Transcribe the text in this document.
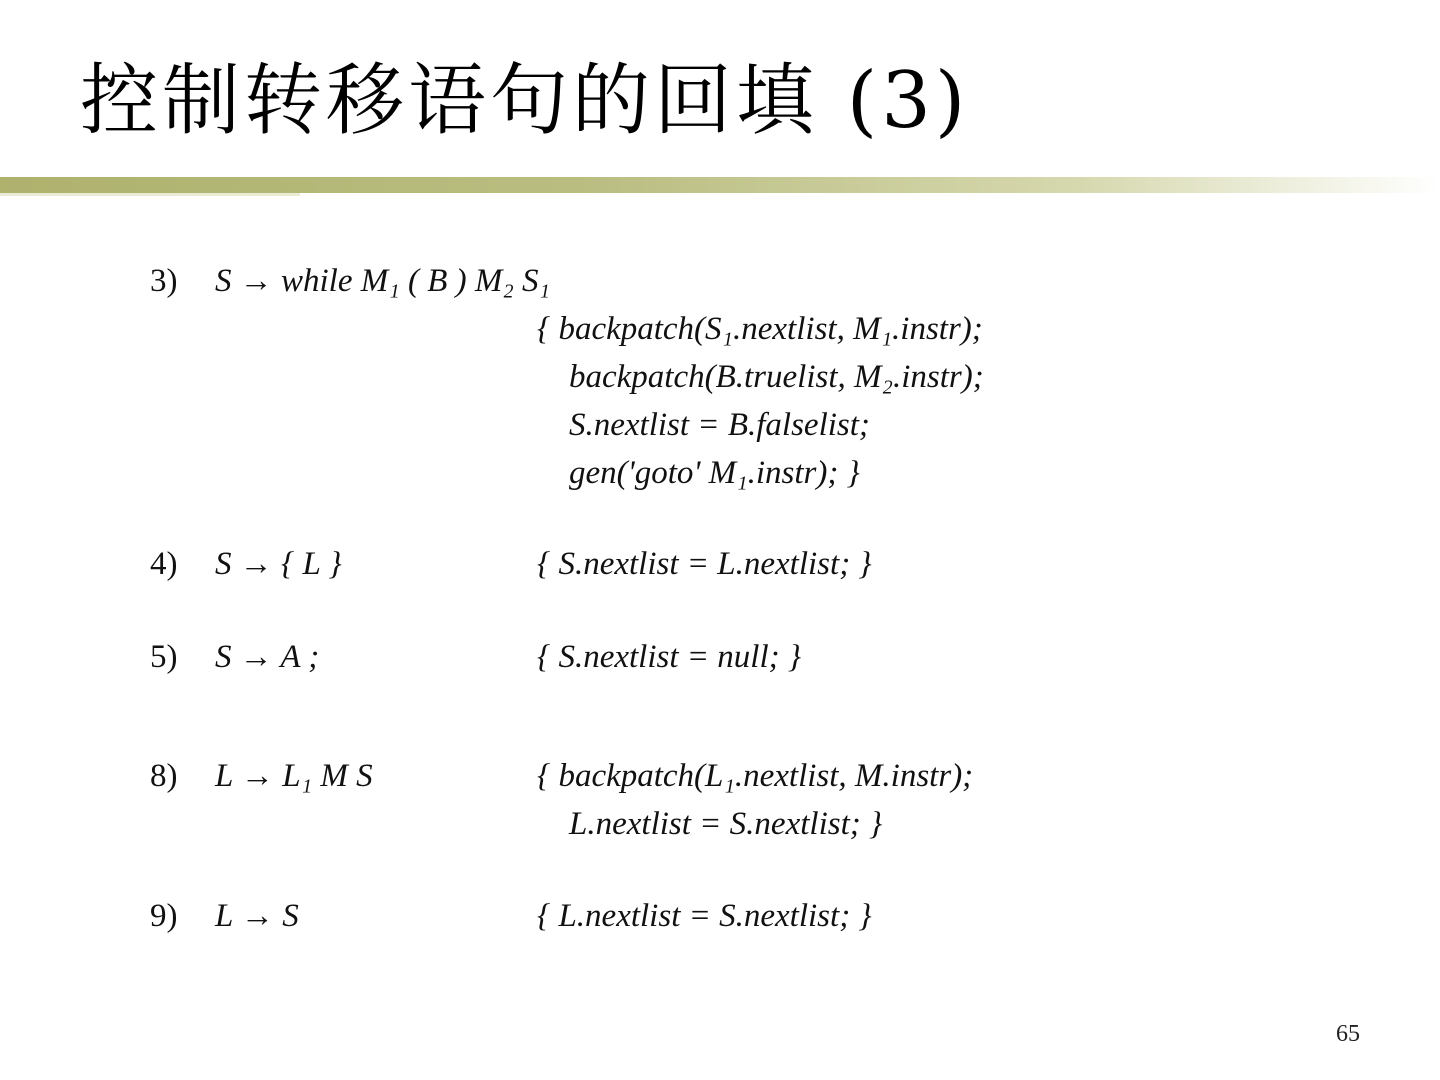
控制转移语句的回填 (3)
3) S → while M₁ ( B ) M₂ S₁
{ backpatch(S₁.nextlist, M₁.instr);
backpatch(B.truelist, M₂.instr);
S.nextlist = B.falselist;
gen('goto' M₁.instr); }
4) S → { L }	{ S.nextlist = L.nextlist; }
5) S → A ;	{ S.nextlist = null; }
8) L → L₁ M S	{ backpatch(L₁.nextlist, M.instr);
L.nextlist = S.nextlist; }
9) L → S	{ L.nextlist = S.nextlist; }
65
